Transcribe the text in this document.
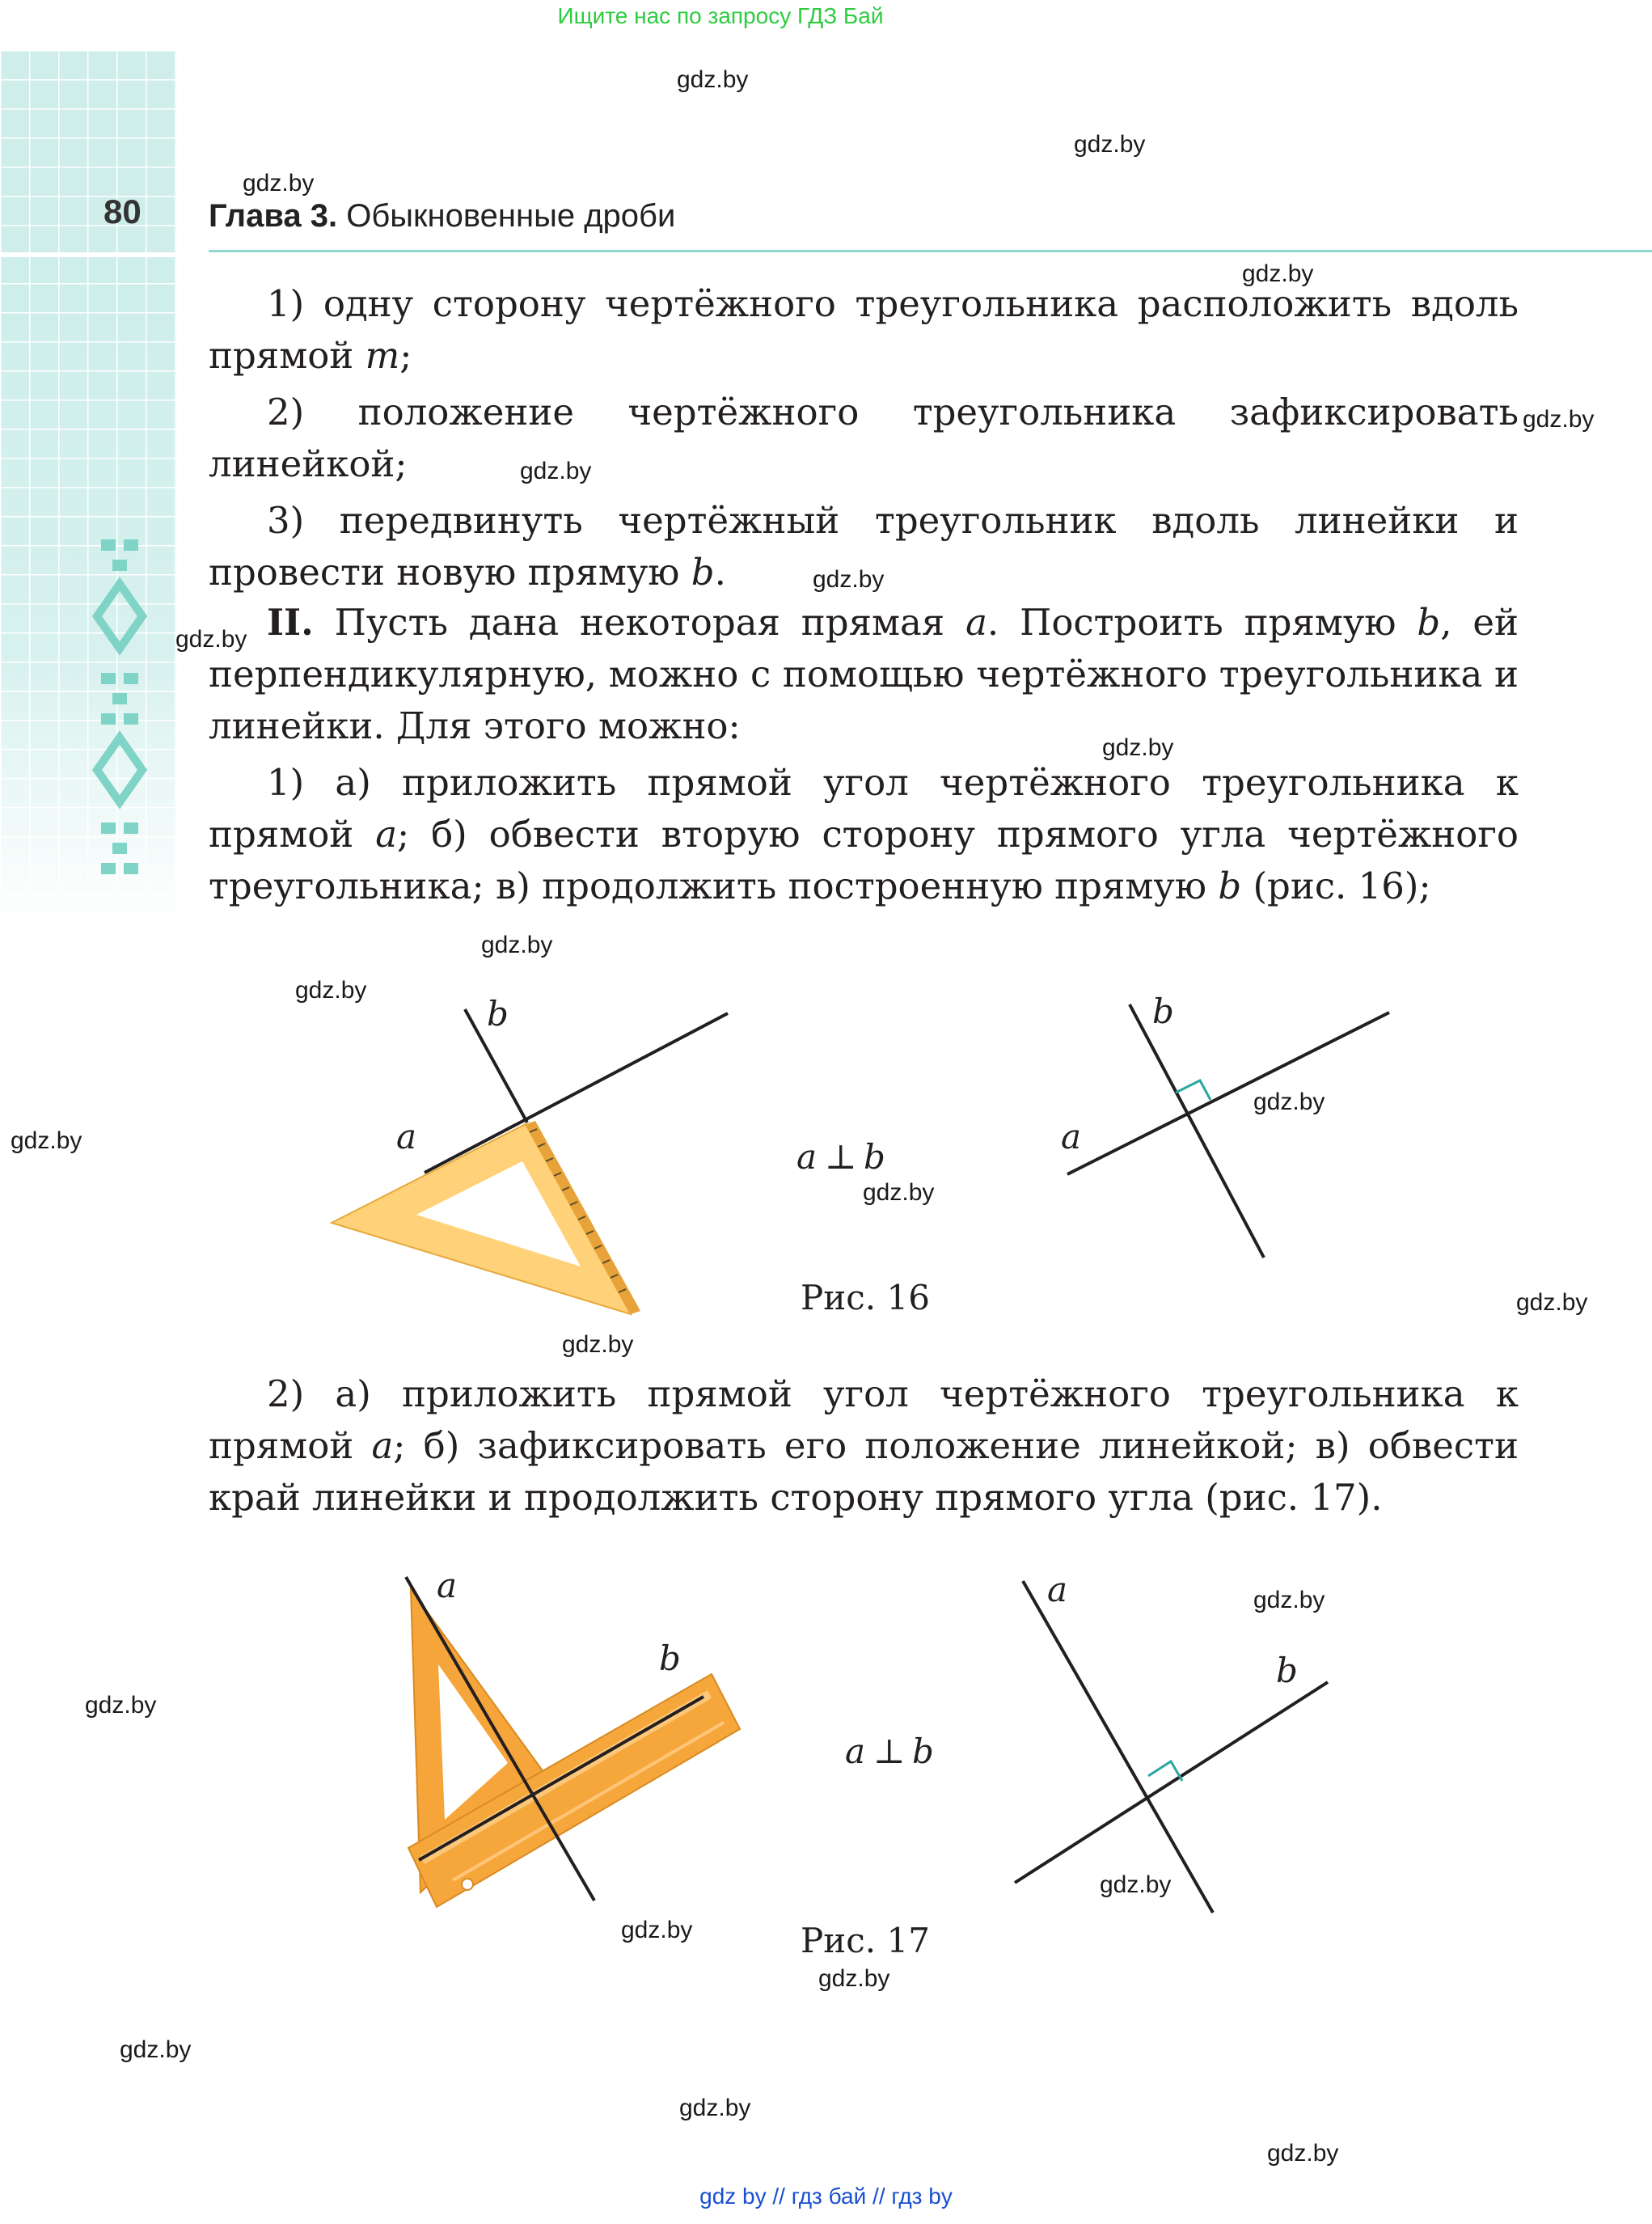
Ищите нас по запросу ГДЗ Бай
80 Глава 3. Обыкновенные дроби
1) одну сторону чертёжного треугольника расположить вдоль прямой m;
2) положение чертёжного треугольника зафиксировать линейкой;
3) передвинуть чертёжный треугольник вдоль линейки и провести новую прямую b.
II. Пусть дана некоторая прямая a. Построить прямую b, ей перпендикулярную, можно с помощью чертёжного треугольника и линейки. Для этого можно:
1) а) приложить прямой угол чертёжного треугольника к прямой a; б) обвести вторую сторону прямого угла чертёжного треугольника; в) продолжить построенную прямую b (рис. 16);
a
b
a ⊥ b
a
b
Рис. 16
2) а) приложить прямой угол чертёжного треугольника к прямой a; б) зафиксировать его положение линейкой; в) обвести край линейки и продолжить сторону прямого угла (рис. 17).
a
b
a ⊥ b
a
b
Рис. 17
gdz.by
gdz.by
gdz.by
gdz.by
gdz.by
gdz.by
gdz.by
gdz.by
gdz.by
gdz.by
gdz.by
gdz.by
gdz.by
gdz.by
gdz.by
gdz.by
gdz.by
gdz.by
gdz.by
gdz.by
gdz.by
gdz.by
gdz.by
gdz.by
gdz by // гдз бай // гдз by
